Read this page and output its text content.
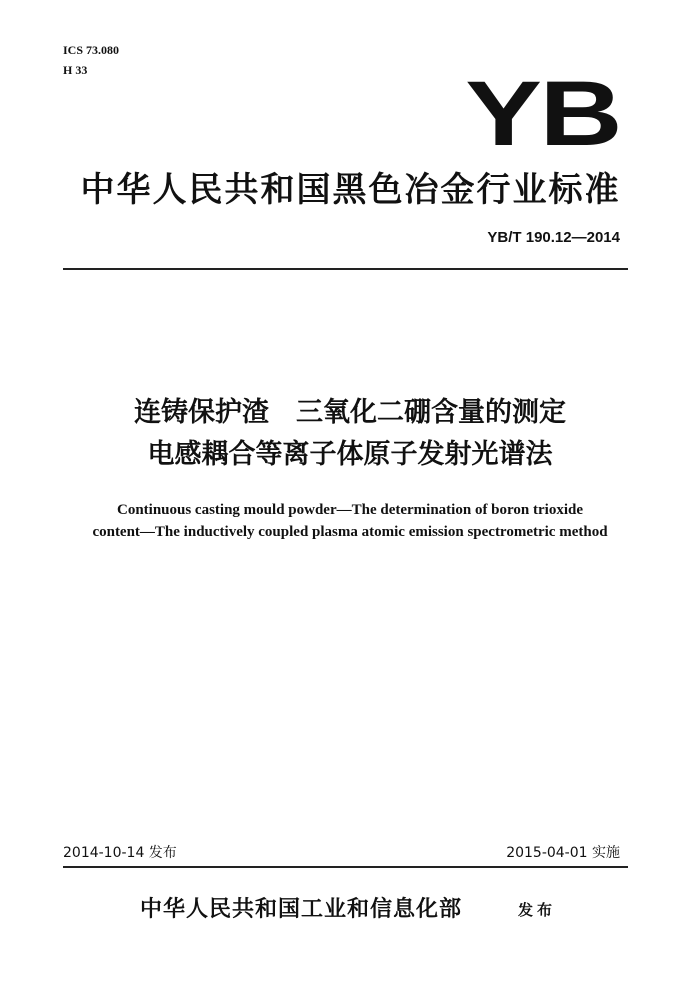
ICS 73.080
H 33	YB
中华人民共和国黑色冶金行业标准
YB/T 190.12—2014
连铸保护渣　三氧化二硼含量的测定
电感耦合等离子体原子发射光谱法
Continuous casting mould powder—The determination of boron trioxide
content—The inductively coupled plasma atomic emission spectrometric method
2014-10-14 发布	2015-04-01 实施
中华人民共和国工业和信息化部	发布
